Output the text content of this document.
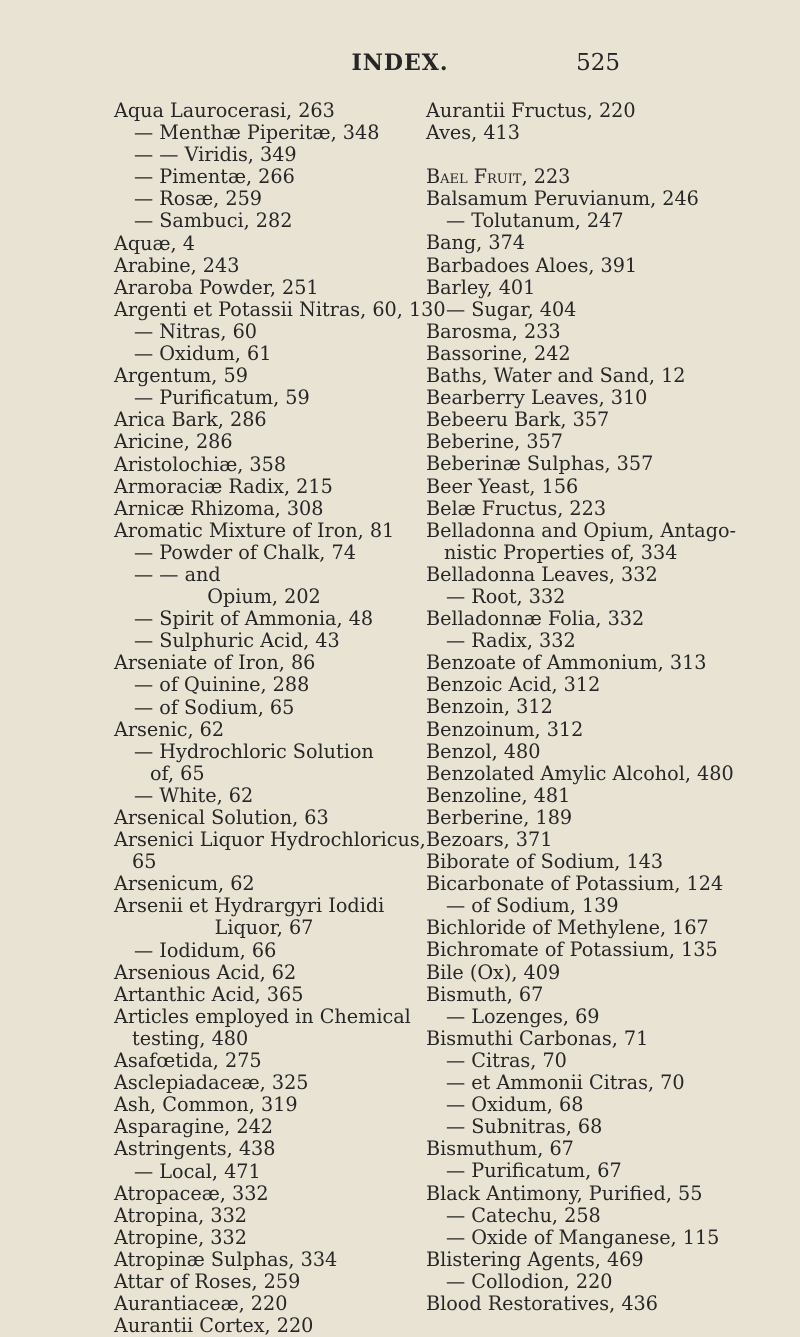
INDEX.	525
Aqua Laurocerasi, 263
— Menthæ Piperitæ, 348
— — Viridis, 349
— Pimentæ, 266
— Rosæ, 259
— Sambuci, 282
Aquæ, 4
Arabine, 243
Araroba Powder, 251
Argenti et Potassii Nitras, 60, 130
— Nitras, 60
— Oxidum, 61
Argentum, 59
— Purificatum, 59
Arica Bark, 286
Aricine, 286
Aristolochiæ, 358
Armoraciæ Radix, 215
Arnicæ Rhizoma, 308
Aromatic Mixture of Iron, 81
— Powder of Chalk, 74
— — and
Opium, 202
— Spirit of Ammonia, 48
— Sulphuric Acid, 43
Arseniate of Iron, 86
— of Quinine, 288
— of Sodium, 65
Arsenic, 62
— Hydrochloric Solution
of, 65
— White, 62
Arsenical Solution, 63
Arsenici Liquor Hydrochloricus,
65
Arsenicum, 62
Arsenii et Hydrargyri Iodidi
Liquor, 67
— Iodidum, 66
Arsenious Acid, 62
Artanthic Acid, 365
Articles employed in Chemical
testing, 480
Asafœtida, 275
Asclepiadaceæ, 325
Ash, Common, 319
Asparagine, 242
Astringents, 438
— Local, 471
Atropaceæ, 332
Atropina, 332
Atropine, 332
Atropinæ Sulphas, 334
Attar of Roses, 259
Aurantiaceæ, 220
Aurantii Cortex, 220
Aurantii Fructus, 220
Aves, 413
Bael Fruit, 223
Balsamum Peruvianum, 246
— Tolutanum, 247
Bang, 374
Barbadoes Aloes, 391
Barley, 401
— Sugar, 404
Barosma, 233
Bassorine, 242
Baths, Water and Sand, 12
Bearberry Leaves, 310
Bebeeru Bark, 357
Beberine, 357
Beberinæ Sulphas, 357
Beer Yeast, 156
Belæ Fructus, 223
Belladonna and Opium, Antago-
nistic Properties of, 334
Belladonna Leaves, 332
— Root, 332
Belladonnæ Folia, 332
— Radix, 332
Benzoate of Ammonium, 313
Benzoic Acid, 312
Benzoin, 312
Benzoinum, 312
Benzol, 480
Benzolated Amylic Alcohol, 480
Benzoline, 481
Berberine, 189
Bezoars, 371
Biborate of Sodium, 143
Bicarbonate of Potassium, 124
— of Sodium, 139
Bichloride of Methylene, 167
Bichromate of Potassium, 135
Bile (Ox), 409
Bismuth, 67
— Lozenges, 69
Bismuthi Carbonas, 71
— Citras, 70
— et Ammonii Citras, 70
— Oxidum, 68
— Subnitras, 68
Bismuthum, 67
— Purificatum, 67
Black Antimony, Purified, 55
— Catechu, 258
— Oxide of Manganese, 115
Blistering Agents, 469
— Collodion, 220
Blood Restoratives, 436
